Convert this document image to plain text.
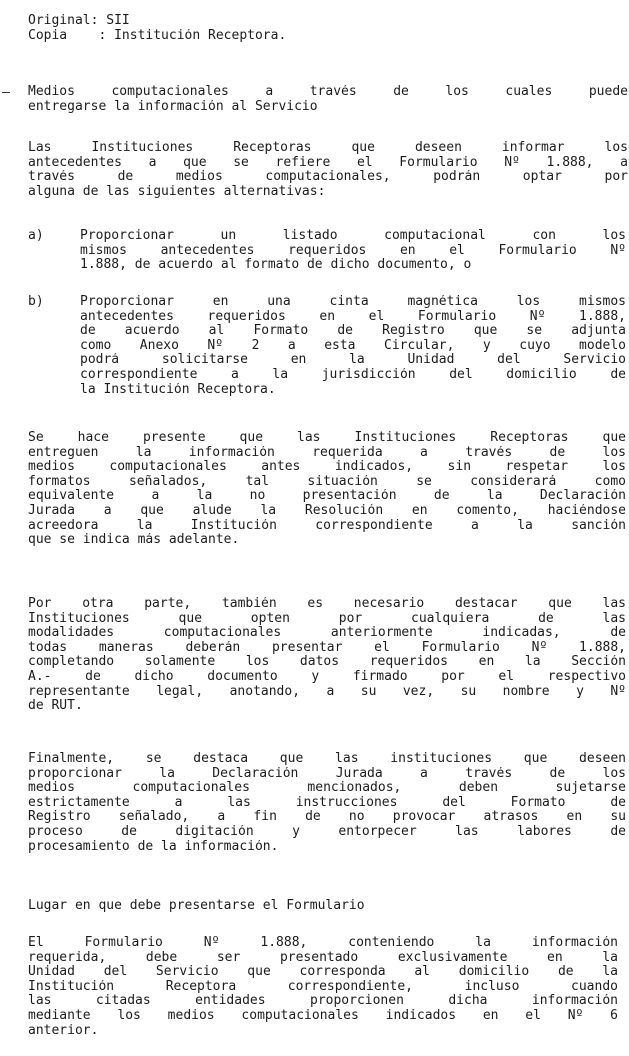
Original: SII
Copia    : Institución Receptora.
Medios computacionales a través de los cuales puede
entregarse la información al Servicio
Las Instituciones Receptoras que deseen informar los
antecedentes a que se refiere el Formulario Nº 1.888, a
través de medios computacionales, podrán optar por
alguna de las siguientes alternativas:
a)	Proporcionar un listado computacional con los
mismos antecedentes requeridos en el Formulario Nº
1.888, de acuerdo al formato de dicho documento, o
b)	Proporcionar en una cinta magnética los mismos
antecedentes requeridos en el Formulario Nº 1.888,
de acuerdo al Formato de Registro que se adjunta
como Anexo Nº 2 a esta Circular, y cuyo modelo
podrá solicitarse en la Unidad del Servicio
correspondiente a la jurisdicción del domicilio de
la Institución Receptora.
Se hace presente que las Instituciones Receptoras que
entreguen la información requerida a través de los
medios computacionales antes indicados, sin respetar los
formatos señalados, tal situación se considerará como
equivalente a la no presentación de la Declaración
Jurada a que alude la Resolución en comento, haciéndose
acreedora la Institución correspondiente a la sanción
que se indica más adelante.
Por otra parte, también es necesario destacar que las
Instituciones que opten por cualquiera de las
modalidades computacionales anteriormente indicadas, de
todas maneras deberán presentar el Formulario Nº 1.888,
completando solamente los datos requeridos en la Sección
A.- de dicho documento y firmado por el respectivo
representante legal, anotando, a su vez, su nombre y Nº
de RUT.
Finalmente, se destaca que las instituciones que deseen
proporcionar la Declaración Jurada a través de los
medios computacionales mencionados, deben sujetarse
estrictamente a las instrucciones del Formato de
Registro señalado, a fin de no provocar atrasos en su
proceso de digitación y entorpecer las labores de
procesamiento de la información.
Lugar en que debe presentarse el Formulario
El Formulario Nº 1.888, conteniendo la información
requerida, debe ser presentado exclusivamente en la
Unidad del Servicio que corresponda al domicilio de la
Institución Receptora correspondiente, incluso cuando
las citadas entidades proporcionen dicha información
mediante los medios computacionales indicados en el Nº 6
anterior.
